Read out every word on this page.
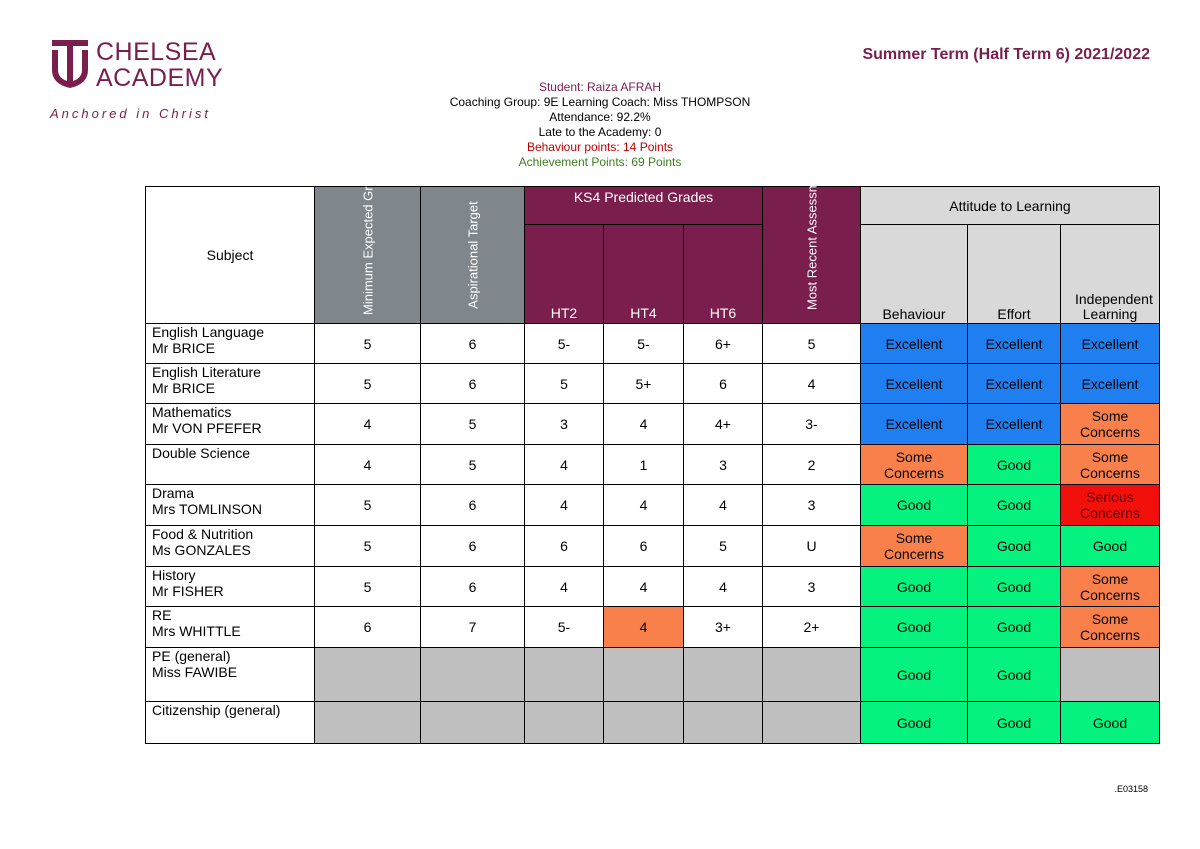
CHELSEA
ACADEMY
Anchored in Christ
Summer Term (Half Term 6) 2021/2022
Student: Raiza AFRAH
Coaching Group: 9E Learning Coach: Miss THOMPSON
Attendance: 92.2%
Late to the Academy: 0
Behaviour points: 14 Points
Achievement Points: 69 Points
Subject	Minimum Expected Grade	Aspirational Target	KS4 Predicted Grades			Most Recent Assessment	Attitude to Learning		
			HT2	HT4	HT6		Behaviour	Effort	Independent Learning

English Language
Mr BRICE	5	6	5-	5-	6+	5	Excellent	Excellent	Excellent

English Literature
Mr BRICE	5	6	5	5+	6	4	Excellent	Excellent	Excellent

Mathematics
Mr VON PFEFER	4	5	3	4	4+	3-	Excellent	Excellent	Some Concerns

Double Science	4	5	4	1	3	2	Some Concerns	Good	Some Concerns

Drama
Mrs TOMLINSON	5	6	4	4	4	3	Good	Good	Serious Concerns

Food & Nutrition
Ms GONZALES	5	6	6	6	5	U	Some Concerns	Good	Good

History
Mr FISHER	5	6	4	4	4	3	Good	Good	Some Concerns

RE
Mrs WHITTLE	6	7	5-	4	3+	2+	Good	Good	Some Concerns

PE (general)
Miss FAWIBE							Good	Good	

Citizenship (general)							Good	Good	Good
.E03158
